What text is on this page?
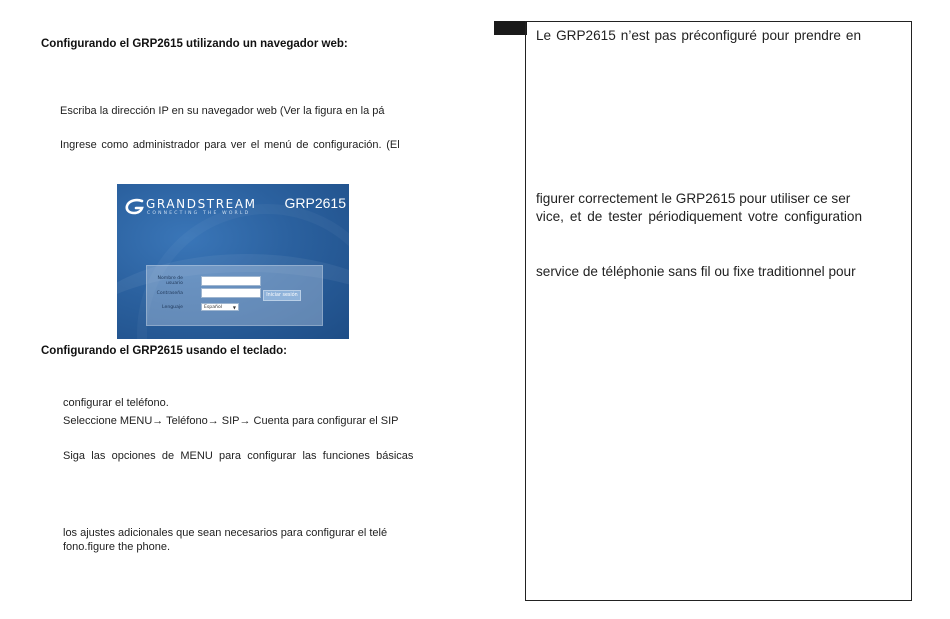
Configurando el GRP2615 utilizando un navegador web:
Escriba la dirección IP en su navegador web (Ver la figura en la pá
Ingrese como administrador para ver el menú de configuración. (El
GRANDSTREAM
CONNECTING THE WORLD
GRP2615
Nombre de usuario
Contraseña	Iniciar sesión
Lenguaje	Español	▼
Configurando el GRP2615 usando el teclado:
configurar el teléfono.
Seleccione MENU→ Teléfono→ SIP→ Cuenta para configurar el SIP
Siga las opciones de MENU para configurar las funciones básicas
los ajustes adicionales que sean necesarios para configurar el telé
fono.figure the phone.
Le GRP2615 n’est pas préconfiguré pour prendre en
figurer correctement le GRP2615 pour utiliser ce ser
vice, et de tester périodiquement votre configuration
service de téléphonie sans fil ou fixe traditionnel pour
